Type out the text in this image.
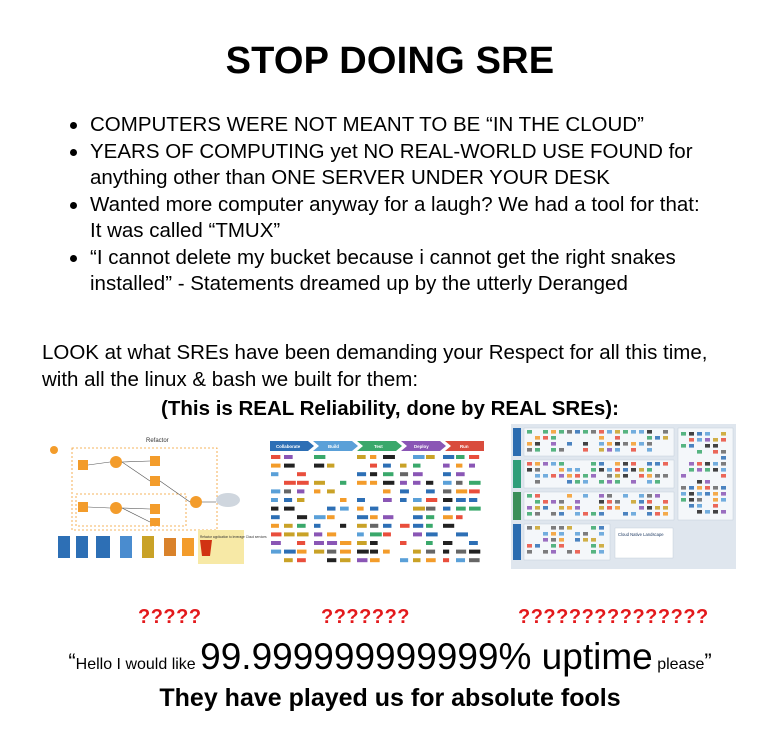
STOP DOING SRE
COMPUTERS WERE NOT MEANT TO BE “IN THE CLOUD”
YEARS OF COMPUTING yet NO REAL-WORLD USE FOUND for
anything other than ONE SERVER UNDER YOUR DESK
Wanted more computer anyway for a laugh? We had a tool for that:
It was called “TMUX”
“I cannot delete my bucket because i cannot get the right snakes
installed” - Statements dreamed up by the utterly Deranged
LOOK at what SREs have been demanding your Respect for all this time,
with all the linux & bash we built for them:
(This is REAL Reliability, done by REAL SREs):
Refactor
Refactor application to leverage Cloud services
Collaborate	Build	Test	Deploy	Run
Cloud Native Landscape
?????	???????	???????????????
“Hello I would like 99.999999999999% uptime please”
They have played us for absolute fools
